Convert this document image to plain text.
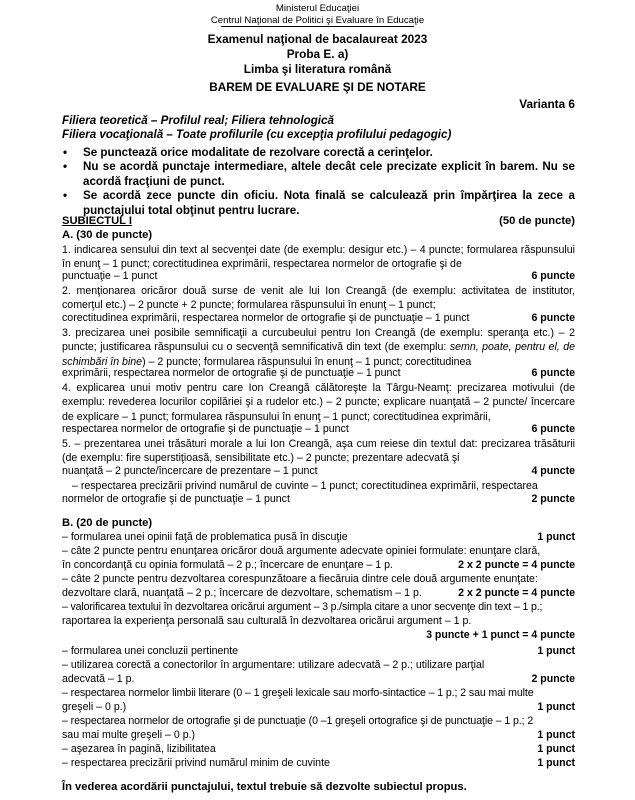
Ministerul Educaţiei
Centrul Naţional de Politici şi Evaluare în Educaţie
Examenul naţional de bacalaureat 2023
Proba E. a)
Limba şi literatura română
BAREM DE EVALUARE ŞI DE NOTARE
Varianta 6
Filiera teoretică – Profilul real; Filiera tehnologică
Filiera vocaţională – Toate profilurile (cu excepţia profilului pedagogic)
• Se punctează orice modalitate de rezolvare corectă a cerinţelor.
• Nu se acordă punctaje intermediare, altele decât cele precizate explicit în barem. Nu se acordă fracţiuni de punct.
• Se acordă zece puncte din oficiu. Nota finală se calculează prin împărţirea la zece a punctajului total obţinut pentru lucrare.
SUBIECTUL I	(50 de puncte)
A. (30 de puncte)
1. indicarea sensului din text al secvenţei date (de exemplu: desigur etc.) – 4 puncte; formularea răspunsului în enunţ – 1 punct; corectitudinea exprimării, respectarea normelor de ortografie şi de
punctuaţie – 1 punct	6 puncte
2. menţionarea oricăror două surse de venit ale lui Ion Creangă (de exemplu: activitatea de institutor, comerţul etc.) – 2 puncte + 2 puncte; formularea răspunsului în enunţ – 1 punct;
corectitudinea exprimării, respectarea normelor de ortografie şi de punctuaţie – 1 punct	6 puncte
3. precizarea unei posibile semnificaţii a curcubeului pentru Ion Creangă (de exemplu: speranţa etc.) – 2 puncte; justificarea răspunsului cu o secvenţă semnificativă din text (de exemplu: semn, poate, pentru el, de schimbări în bine) – 2 puncte; formularea răspunsului în enunţ – 1 punct; corectitudinea
exprimării, respectarea normelor de ortografie şi de punctuaţie – 1 punct	6 puncte
4. explicarea unui motiv pentru care Ion Creangă călătoreşte la Târgu-Neamţ: precizarea motivului (de exemplu: revederea locurilor copilăriei şi a rudelor etc.) – 2 puncte; explicare nuanţată – 2 puncte/ încercare de explicare – 1 punct; formularea răspunsului în enunţ – 1 punct; corectitudinea exprimării,
respectarea normelor de ortografie şi de punctuaţie – 1 punct	6 puncte
5. – prezentarea unei trăsături morale a lui Ion Creangă, aşa cum reiese din textul dat: precizarea trăsăturii (de exemplu: fire superstiţioasă, sensibilitate etc.) – 2 puncte; prezentare adecvată şi
nuanţată – 2 puncte/încercare de prezentare – 1 punct	4 puncte
– respectarea precizării privind numărul de cuvinte – 1 punct; corectitudinea exprimării, respectarea
normelor de ortografie şi de punctuaţie – 1 punct	2 puncte
B. (20 de puncte)
– formularea unei opinii faţă de problematica pusă în discuţie	1 punct
– câte 2 puncte pentru enunţarea oricăror două argumente adecvate opiniei formulate: enunţare clară,
în concordanţă cu opinia formulată – 2 p.; încercare de enunţare – 1 p.	2 x 2 puncte = 4 puncte
– câte 2 puncte pentru dezvoltarea corespunzătoare a fiecăruia dintre cele două argumente enunţate:
dezvoltare clară, nuanţată – 2 p.; încercare de dezvoltare, schematism – 1 p.	2 x 2 puncte = 4 puncte
– valorificarea textului în dezvoltarea oricărui argument – 3 p./simpla citare a unor secvenţe din text – 1 p.;
raportarea la experienţa personală sau culturală în dezvoltarea oricărui argument – 1 p.
3 puncte + 1 punct = 4 puncte
– formularea unei concluzii pertinente	1 punct
– utilizarea corectă a conectorilor în argumentare: utilizare adecvată – 2 p.; utilizare parţial
adecvată – 1 p.	2 puncte
– respectarea normelor limbii literare (0 – 1 greşeli lexicale sau morfo-sintactice – 1 p.; 2 sau mai multe
greşeli – 0 p.)	1 punct
– respectarea normelor de ortografie şi de punctuaţie (0 –1 greşeli ortografice şi de punctuaţie – 1 p.; 2
sau mai multe greşeli – 0 p.)	1 punct
– aşezarea în pagină, lizibilitatea	1 punct
– respectarea precizării privind numărul minim de cuvinte	1 punct
În vederea acordării punctajului, textul trebuie să dezvolte subiectul propus.
